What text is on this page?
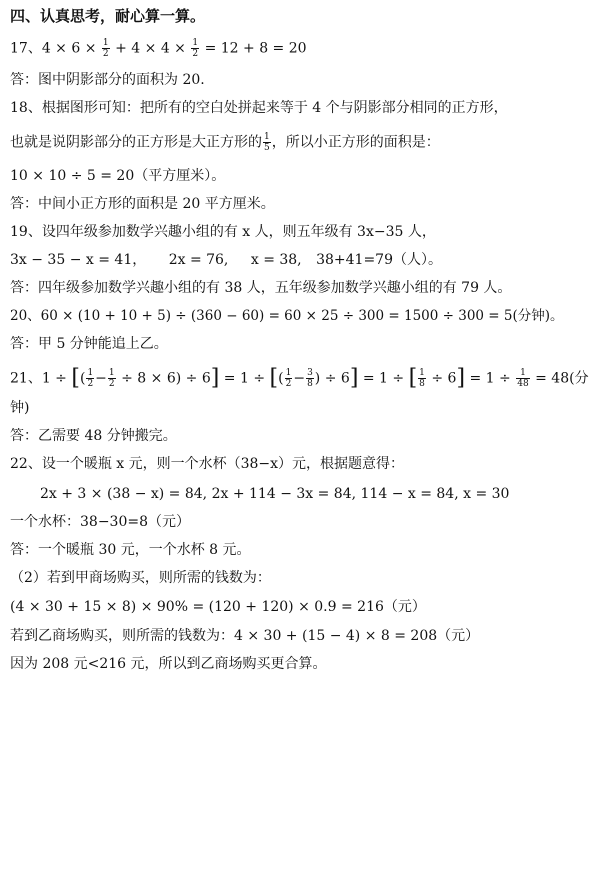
四、认真思考，耐心算一算。
17、$4 \times 6 \times \frac{1}{2} + 4 \times 4 \times \frac{1}{2} = 12 + 8 = 20$
答：图中阴影部分的面积为 20.
18、根据图形可知：把所有的空白处拼起来等于 4 个与阴影部分相同的正方形，
也就是说阴影部分的正方形是大正方形的 $\frac{1}{5}$ ，所以小正方形的面积是：
10 × 10 ÷ 5 = 20（平方厘米）。
答：中间小正方形的面积是 20 平方厘米。
19、设四年级参加数学兴趣小组的有 x 人，则五年级有 3x−35 人，
3x − 35 − x = 41， 2x = 76, x = 38, 38+41=79（人）。
答：四年级参加数学兴趣小组的有 38 人，五年级参加数学兴趣小组的有 79 人。
20、60 × (10 + 10 + 5) ÷ (360 − 60) = 60 × 25 ÷ 300 = 1500 ÷ 300 = 5(分钟)。
答：甲 5 分钟能追上乙。
21、1 ÷ [( $\frac{1}{2} - \frac{1}{2} \div 8 \times 6) \div 6] = 1$ ÷ [( $\frac{1}{2} - \frac{3}{8}$ ) ÷ 6] = 1 ÷ [ $\frac{1}{8} \div 6] = 1 \div \frac{1}{48} = 48$(分
钟)
答：乙需要 48 分钟搬完。
22、设一个暖瓶 x 元，则一个水杯（38−x）元，根据题意得：
2x + 3 × (38 − x) = 84, 2x + 114 − 3x = 84, 114 − x = 84, x = 30
一个水杯：38−30=8（元）
答：一个暖瓶 30 元，一个水杯 8 元。
（2）若到甲商场购买，则所需的钱数为：
(4 × 30 + 15 × 8) × 90% = (120 + 120) × 0.9 = 216（元）
若到乙商场购买，则所需的钱数为：4 × 30 + (15 − 4) × 8 = 208（元）
因为 208 元<216 元，所以到乙商场购买更合算。
